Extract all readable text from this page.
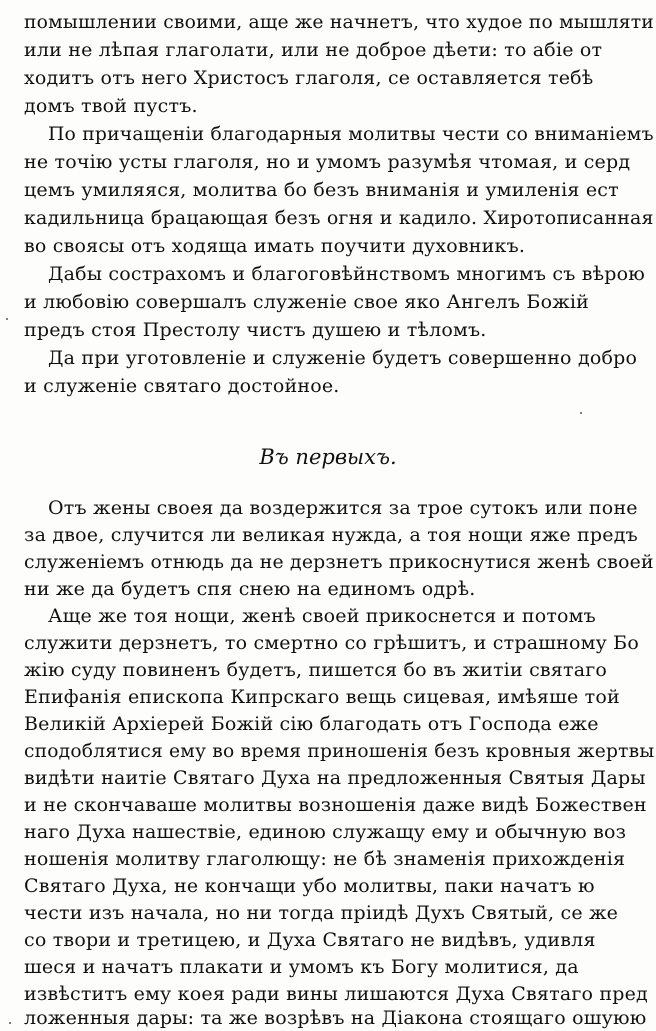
помышлении своими, аще же начнетъ, что худое по мышляти
или не лѣпая глаголати, или не доброе дѣети: то абіе от
ходитъ отъ него Христосъ глаголя, се оставляется тебѣ
домъ твой пустъ.
По причащеніи благодарныя молитвы чести со вниманіемъ
не точію усты глаголя, но и умомъ разумѣя чтомая, и серд
цемъ умиляяся, молитва бо безъ вниманія и умиленія ест
кадильница брацающая безъ огня и кадило. Хиротописанная
во своясы отъ ходяща имать поучити духовникъ.
Дабы сострахомъ и благоговѣйнствомъ многимъ съ вѣрою
и любовію совершалъ служеніе свое яко Ангелъ Божій
предъ стоя Престолу чистъ душею и тѣломъ.
Да при уготовленіе и служеніе будетъ совершенно добро
и служеніе святаго достойное.
Въ первыхъ.
Отъ жены своея да воздержится за трое сутокъ или поне
за двое, случится ли великая нужда, а тоя нощи яже предъ
служеніемъ отнюдь да не дерзнетъ прикоснутися женѣ своей
ни же да будетъ спя снею на единомъ одрѣ.
Аще же тоя нощи, женѣ своей прикоснется и потомъ
служити дерзнетъ, то смертно со грѣшитъ, и страшному Бо
жію суду повиненъ будетъ, пишется бо въ житіи святаго
Епифанія епископа Кипрскаго вещь сицевая, имѣяше той
Великій Архіерей Божій сію благодать отъ Господа еже
сподоблятися ему во время приношенія безъ кровныя жертвы
видѣти наитіе Святаго Духа на предложенныя Святыя Дары
и не скончаваше молитвы возношенія даже видѣ Божествен
наго Духа нашествіе, единою служащу ему и обычную воз
ношенія молитву глаголющу: не бѣ знаменія прихожденія
Святаго Духа, не кончащи убо молитвы, паки начатъ ю
чести изъ начала, но ни тогда пріидѣ Духъ Святый, се же
со твори и третицею, и Духа Святаго не видѣвъ, удивля
шеся и начатъ плакати и умомъ къ Богу молитися, да
извѣститъ ему коея ради вины лишаются Духа Святаго пред
ложенныя дары: та же возрѣвъ на Діакона стоящаго ошуюю
